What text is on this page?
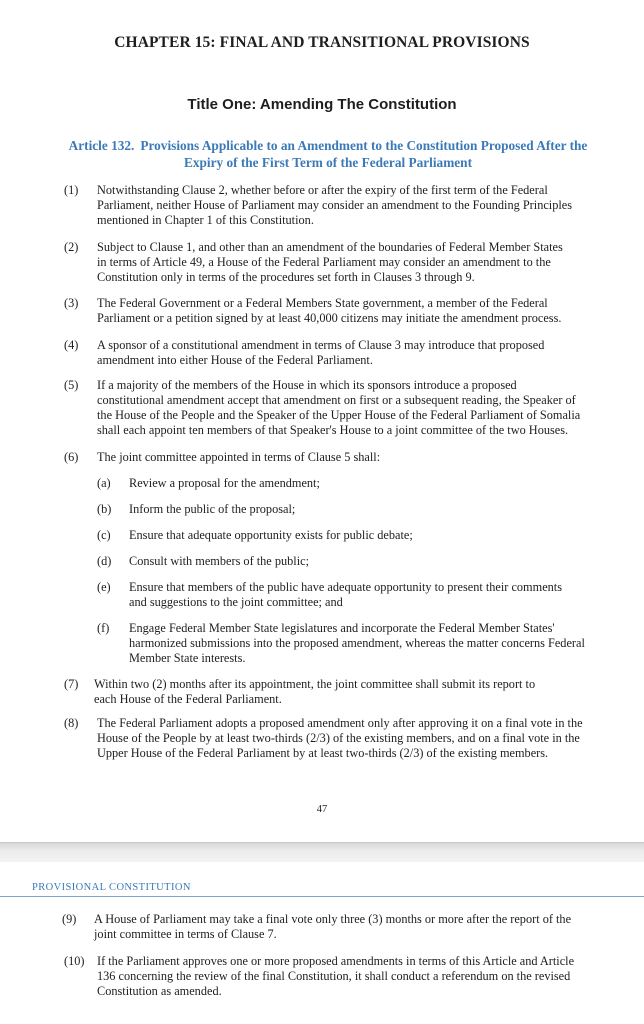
CHAPTER 15: FINAL AND TRANSITIONAL PROVISIONS
Title One: Amending The Constitution
Article 132. Provisions Applicable to an Amendment to the Constitution Proposed After the
Expiry of the First Term of the Federal Parliament
(1) Notwithstanding Clause 2, whether before or after the expiry of the first term of the Federal
Parliament, neither House of Parliament may consider an amendment to the Founding Principles
mentioned in Chapter 1 of this Constitution.
(2) Subject to Clause 1, and other than an amendment of the boundaries of Federal Member States
in terms of Article 49, a House of the Federal Parliament may consider an amendment to the
Constitution only in terms of the procedures set forth in Clauses 3 through 9.
(3) The Federal Government or a Federal Members State government, a member of the Federal
Parliament or a petition signed by at least 40,000 citizens may initiate the amendment process.
(4) A sponsor of a constitutional amendment in terms of Clause 3 may introduce that proposed
amendment into either House of the Federal Parliament.
(5) If a majority of the members of the House in which its sponsors introduce a proposed
constitutional amendment accept that amendment on first or a subsequent reading, the Speaker of
the House of the People and the Speaker of the Upper House of the Federal Parliament of Somalia
shall each appoint ten members of that Speaker's House to a joint committee of the two Houses.
(6) The joint committee appointed in terms of Clause 5 shall:
(a) Review a proposal for the amendment;
(b) Inform the public of the proposal;
(c) Ensure that adequate opportunity exists for public debate;
(d) Consult with members of the public;
(e) Ensure that members of the public have adequate opportunity to present their comments
and suggestions to the joint committee; and
(f) Engage Federal Member State legislatures and incorporate the Federal Member States'
harmonized submissions into the proposed amendment, whereas the matter concerns Federal
Member State interests.
(7) Within two (2) months after its appointment, the joint committee shall submit its report to
each House of the Federal Parliament.
(8) The Federal Parliament adopts a proposed amendment only after approving it on a final vote in the
House of the People by at least two-thirds (2/3) of the existing members, and on a final vote in the
Upper House of the Federal Parliament by at least two-thirds (2/3) of the existing members.
47
PROVISIONAL CONSTITUTION
(9) A House of Parliament may take a final vote only three (3) months or more after the report of the
joint committee in terms of Clause 7.
(10) If the Parliament approves one or more proposed amendments in terms of this Article and Article
136 concerning the review of the final Constitution, it shall conduct a referendum on the revised
Constitution as amended.
